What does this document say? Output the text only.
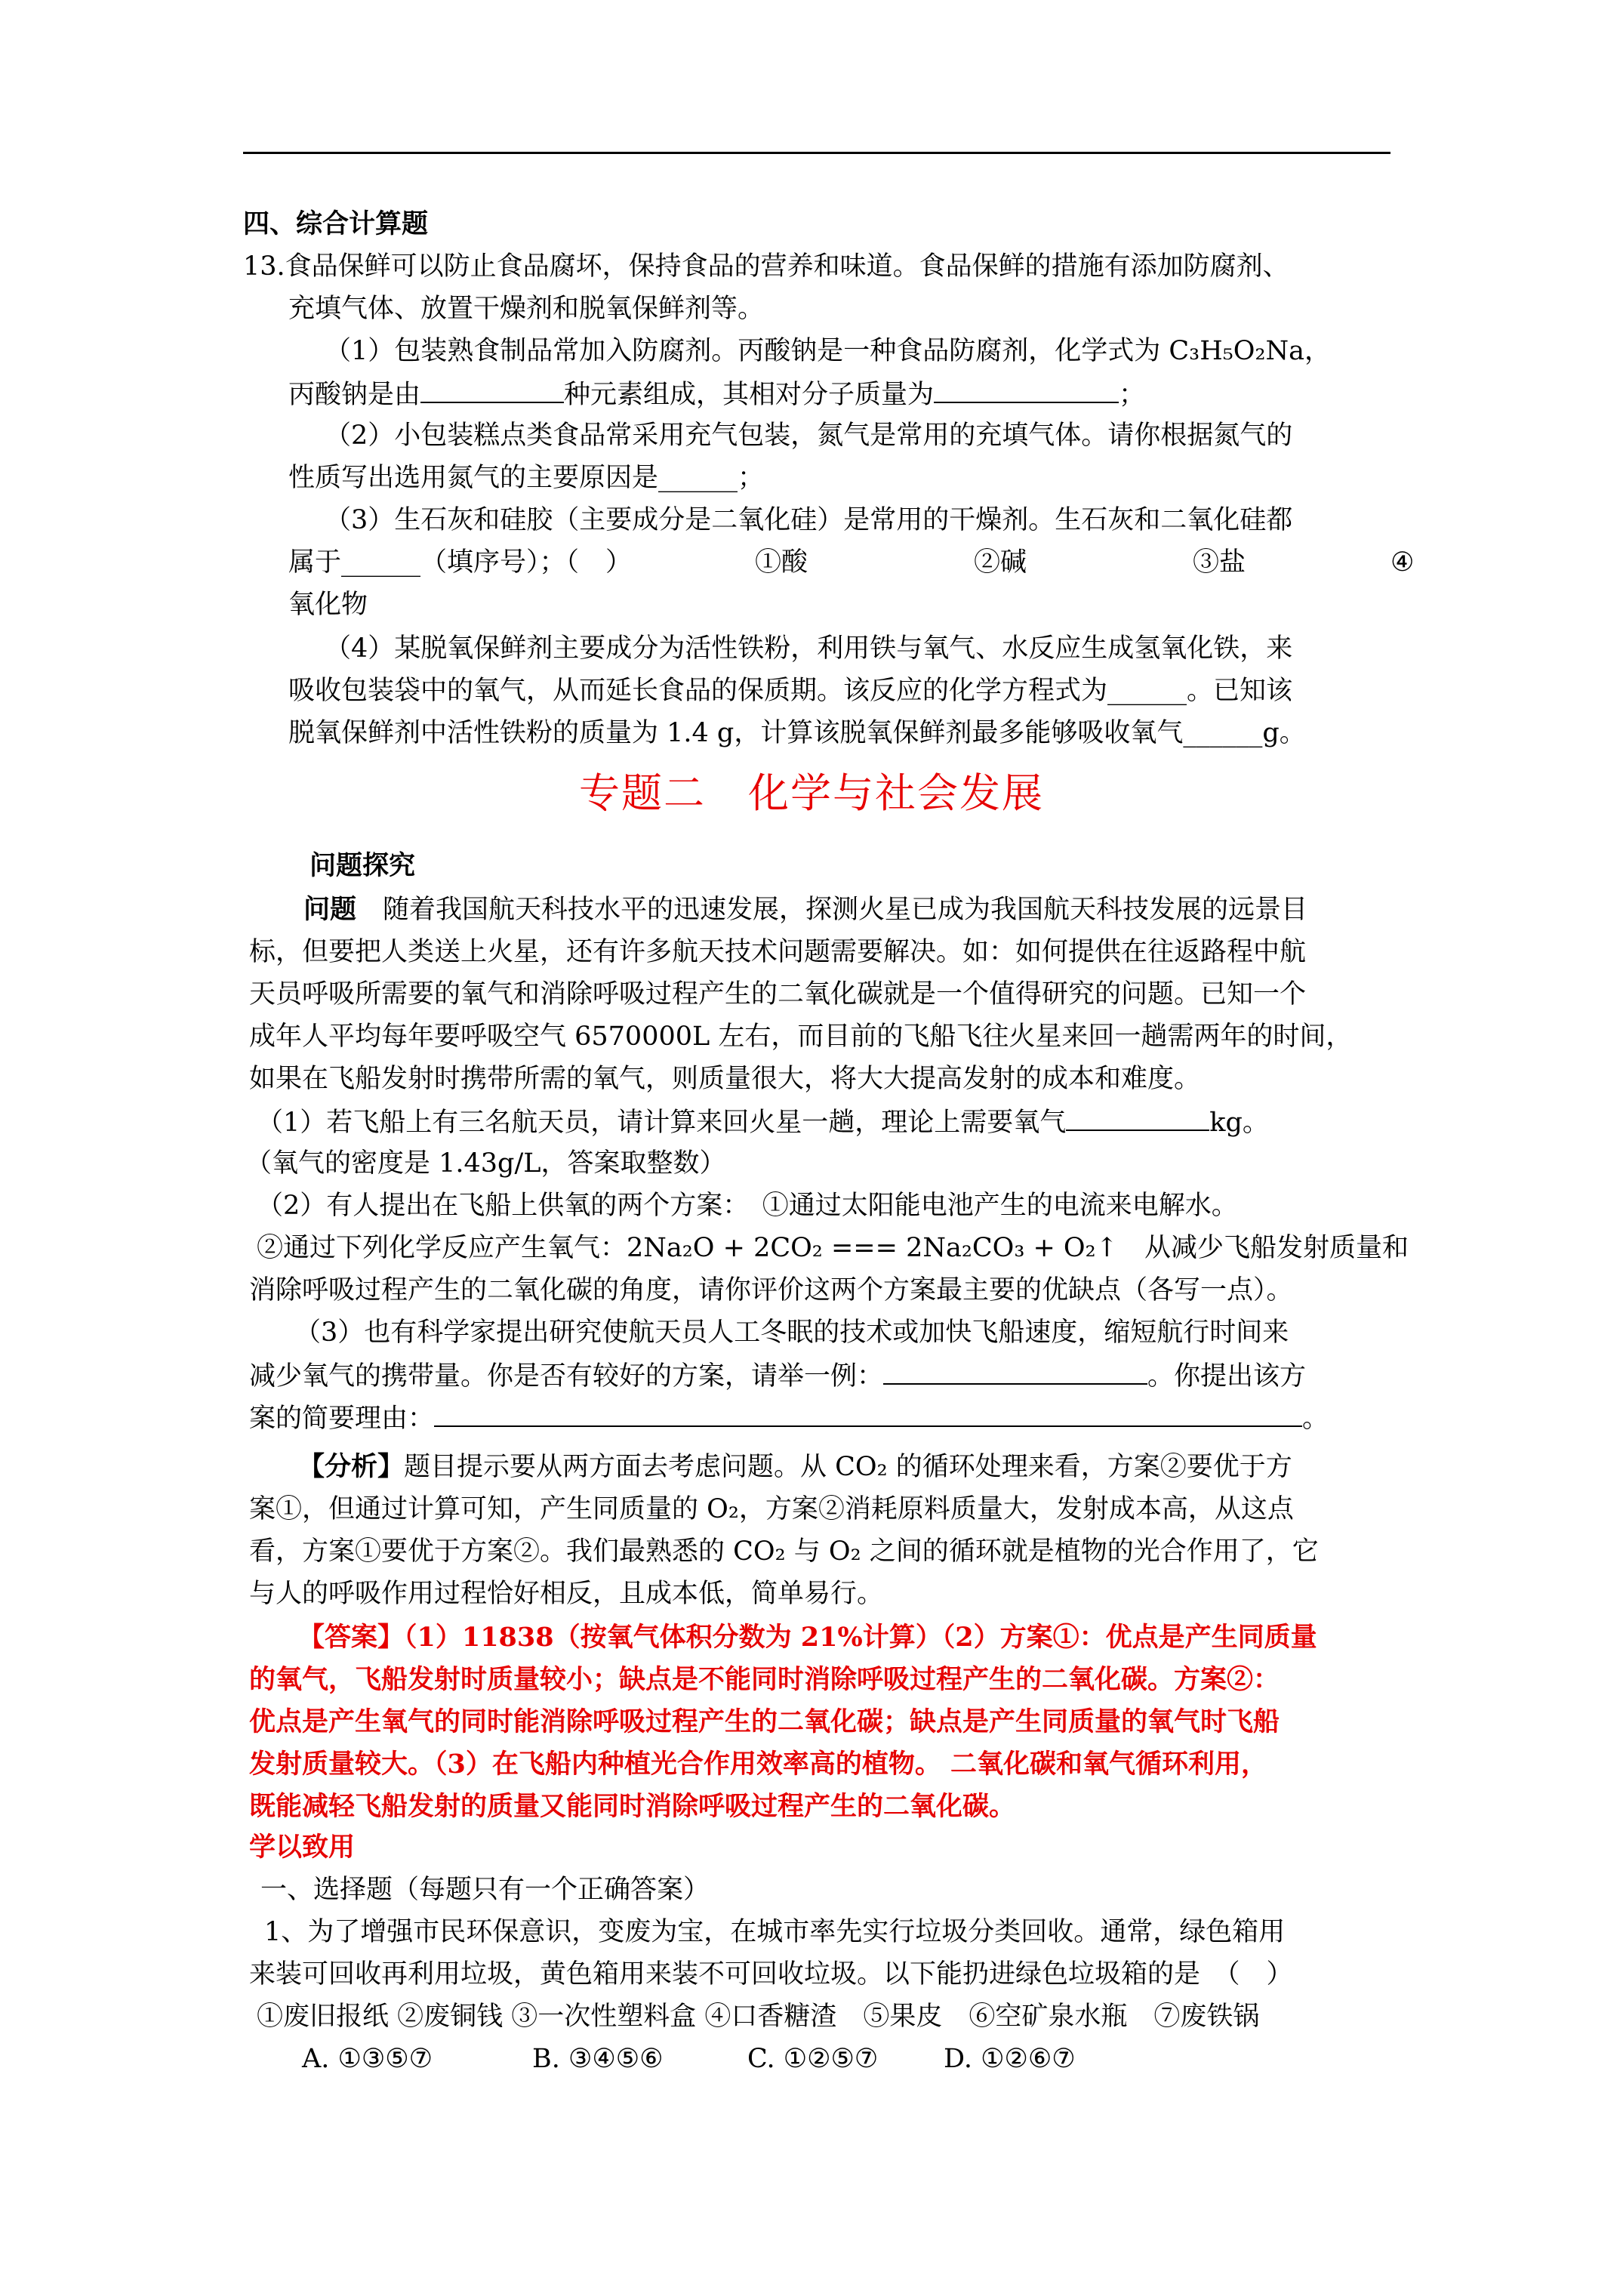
四、综合计算题
13.食品保鲜可以防止食品腐坏，保持食品的营养和味道。食品保鲜的措施有添加防腐剂、
充填气体、放置干燥剂和脱氧保鲜剂等。
（1）包装熟食制品常加入防腐剂。丙酸钠是一种食品防腐剂，化学式为 C₃H₅O₂Na，
丙酸钠是由	种元素组成，其相对分子质量为	；
（2）小包装糕点类食品常采用充气包装，氮气是常用的充填气体。请你根据氮气的
性质写出选用氮气的主要原因是______；
（3）生石灰和硅胶（主要成分是二氧化硅）是常用的干燥剂。生石灰和二氧化硅都
属于______（填序号）；（　）	①酸	②碱	③盐	④
氧化物
（4）某脱氧保鲜剂主要成分为活性铁粉，利用铁与氧气、水反应生成氢氧化铁，来
吸收包装袋中的氧气，从而延长食品的保质期。该反应的化学方程式为______。已知该
脱氧保鲜剂中活性铁粉的质量为 1.4 g，计算该脱氧保鲜剂最多能够吸收氧气______g。
专题二　化学与社会发展
问题探究
问题　 随着我国航天科技水平的迅速发展，探测火星已成为我国航天科技发展的远景目
标，但要把人类送上火星，还有许多航天技术问题需要解决。如：如何提供在往返路程中航
天员呼吸所需要的氧气和消除呼吸过程产生的二氧化碳就是一个值得研究的问题。已知一个
成年人平均每年要呼吸空气 6570000L 左右，而目前的飞船飞往火星来回一趟需两年的时间，
如果在飞船发射时携带所需的氧气，则质量很大，将大大提高发射的成本和难度。
（1）若飞船上有三名航天员，请计算来回火星一趟，理论上需要氧气	kg。
（氧气的密度是 1.43g/L，答案取整数）
（2）有人提出在飞船上供氧的两个方案：　①通过太阳能电池产生的电流来电解水。
②通过下列化学反应产生氧气：2Na₂O + 2CO₂ === 2Na₂CO₃ + O₂↑　从减少飞船发射质量和
消除呼吸过程产生的二氧化碳的角度，请你评价这两个方案最主要的优缺点（各写一点）。
（3）也有科学家提出研究使航天员人工冬眠的技术或加快飞船速度，缩短航行时间来
减少氧气的携带量。你是否有较好的方案，请举一例：	。你提出该方
案的简要理由：	。
【分析】题目提示要从两方面去考虑问题。从 CO₂ 的循环处理来看，方案②要优于方
案①，但通过计算可知，产生同质量的 O₂，方案②消耗原料质量大，发射成本高，从这点
看，方案①要优于方案②。我们最熟悉的 CO₂ 与 O₂ 之间的循环就是植物的光合作用了，它
与人的呼吸作用过程恰好相反，且成本低，简单易行。
【答案】（1）11838（按氧气体积分数为 21%计算）（2）方案①：优点是产生同质量
的氧气，飞船发射时质量较小；缺点是不能同时消除呼吸过程产生的二氧化碳。方案②：
优点是产生氧气的同时能消除呼吸过程产生的二氧化碳；缺点是产生同质量的氧气时飞船
发射质量较大。（3）在飞船内种植光合作用效率高的植物。 二氧化碳和氧气循环利用，
既能减轻飞船发射的质量又能同时消除呼吸过程产生的二氧化碳。
学以致用
一、选择题（每题只有一个正确答案）
1、为了增强市民环保意识，变废为宝，在城市率先实行垃圾分类回收。通常，绿色箱用
来装可回收再利用垃圾，黄色箱用来装不可回收垃圾。以下能扔进绿色垃圾箱的是　（　）
①废旧报纸 ②废铜钱 ③一次性塑料盒 ④口香糖渣　⑤果皮　⑥空矿泉水瓶　⑦废铁锅
A. ①③⑤⑦	B. ③④⑤⑥	C. ①②⑤⑦ D. ①②⑥⑦
